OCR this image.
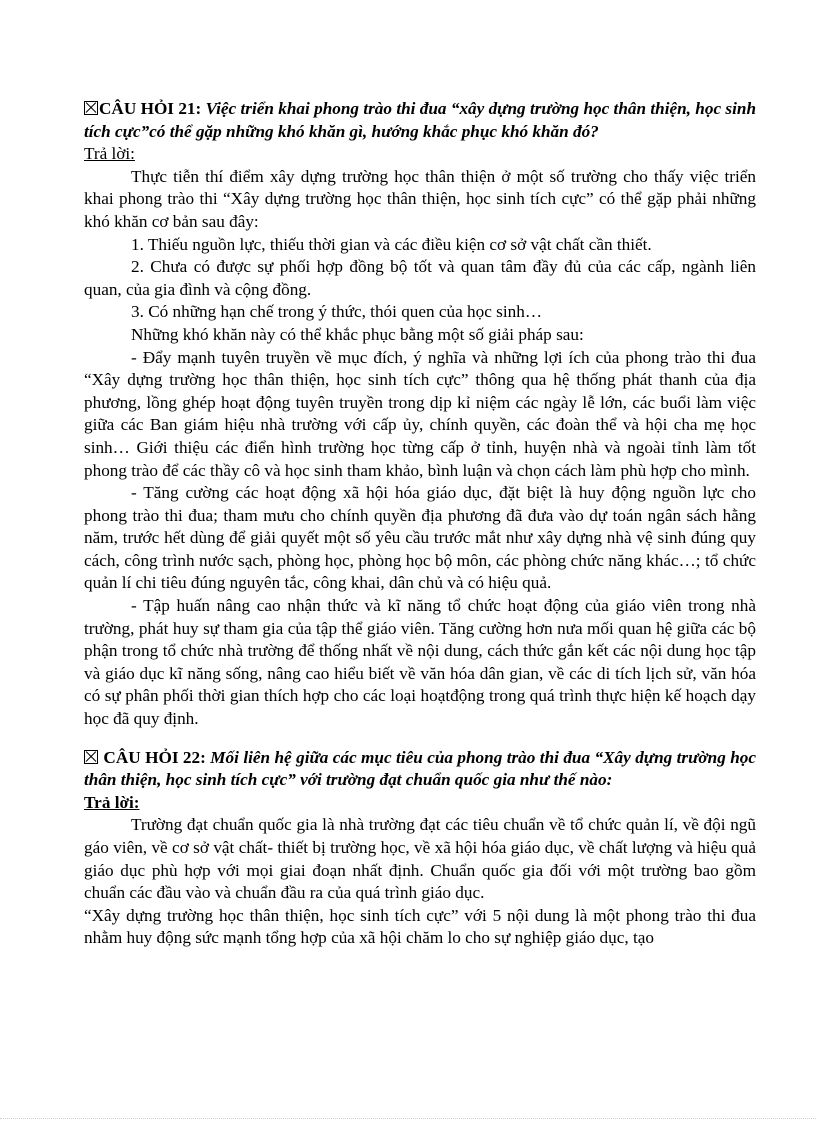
CÂU HỎI 21: Việc triển khai phong trào thi đua “xây dựng trường học thân thiện, học sinh tích cực”có thể gặp những khó khăn gì, hướng khắc phục khó khăn đó?

Trả lời:

Thực tiễn thí điểm xây dựng trường học thân thiện ở một số trường cho thấy việc triển khai phong trào thi “Xây dựng trường học thân thiện, học sinh tích cực” có thể gặp phải những khó khăn cơ bản sau đây:

1. Thiếu nguồn lực, thiếu thời gian và các điều kiện cơ sở vật chất cần thiết.

2. Chưa có được sự phối hợp đồng bộ tốt và quan tâm đầy đủ của các cấp, ngành liên quan, của gia đình và cộng đồng.

3. Có những hạn chế trong ý thức, thói quen của học sinh…

Những khó khăn này có thể khắc phục bằng một số giải pháp sau:

- Đẩy mạnh tuyên truyền về mục đích, ý nghĩa và những lợi ích của phong trào thi đua “Xây dựng trường học thân thiện, học sinh tích cực” thông qua hệ thống phát thanh của địa phương, lồng ghép hoạt động tuyên truyền trong dịp kỉ niệm các ngày lễ lớn, các buổi làm việc giữa các Ban giám hiệu nhà trường với cấp ủy, chính quyền, các đoàn thể và hội cha mẹ học sinh… Giới thiệu các điển hình trường học từng cấp ở tỉnh, huyện nhà và ngoài tỉnh làm tốt phong trào để các thầy cô và học sinh tham khảo, bình luận và chọn cách làm phù hợp cho mình.

- Tăng cường các hoạt động xã hội hóa giáo dục, đặt biệt là huy động nguồn lực cho phong trào thi đua; tham mưu cho chính quyền địa phương đã đưa vào dự toán ngân sách hằng năm, trước hết dùng để giải quyết một số yêu cầu trước mắt như xây dựng nhà vệ sinh đúng quy cách, công trình nước sạch, phòng học, phòng học bộ môn, các phòng chức năng khác…; tổ chức quản lí chi tiêu đúng nguyên tắc, công khai, dân chủ và có hiệu quả.

- Tập huấn nâng cao nhận thức và kĩ năng tổ chức hoạt động của giáo viên trong nhà trường, phát huy sự tham gia của tập thể giáo viên. Tăng cường hơn nưa mối quan hệ giữa các bộ phận trong tổ chức nhà trường để thống nhất về nội dung, cách thức gắn kết các nội dung học tập và giáo dục kĩ năng sống, nâng cao hiểu biết về văn hóa dân gian, về các di tích lịch sử, văn hóa có sự phân phối thời gian thích hợp cho các loại hoạtđộng trong quá trình thực hiện kế hoạch dạy học đã quy định.

CÂU HỎI 22: Mối liên hệ giữa các mục tiêu của phong trào thi đua “Xây dựng trường học thân thiện, học sinh tích cực” với trường đạt chuẩn quốc gia như thế nào:

Trả lời:

Trường đạt chuẩn quốc gia là nhà trường đạt các tiêu chuẩn về tổ chức quản lí, về đội ngũ gáo viên, về cơ sở vật chất- thiết bị trường học, về xã hội hóa giáo dục, về chất lượng và hiệu quả giáo dục phù hợp với mọi giai đoạn nhất định. Chuẩn quốc gia đối với một trường bao gồm chuẩn các đầu vào và chuẩn đầu ra của quá trình giáo dục.

“Xây dựng trường học thân thiện, học sinh tích cực” với 5 nội dung là một phong trào thi đua nhằm huy động sức mạnh tổng hợp của xã hội chăm lo cho sự nghiệp giáo dục, tạo
